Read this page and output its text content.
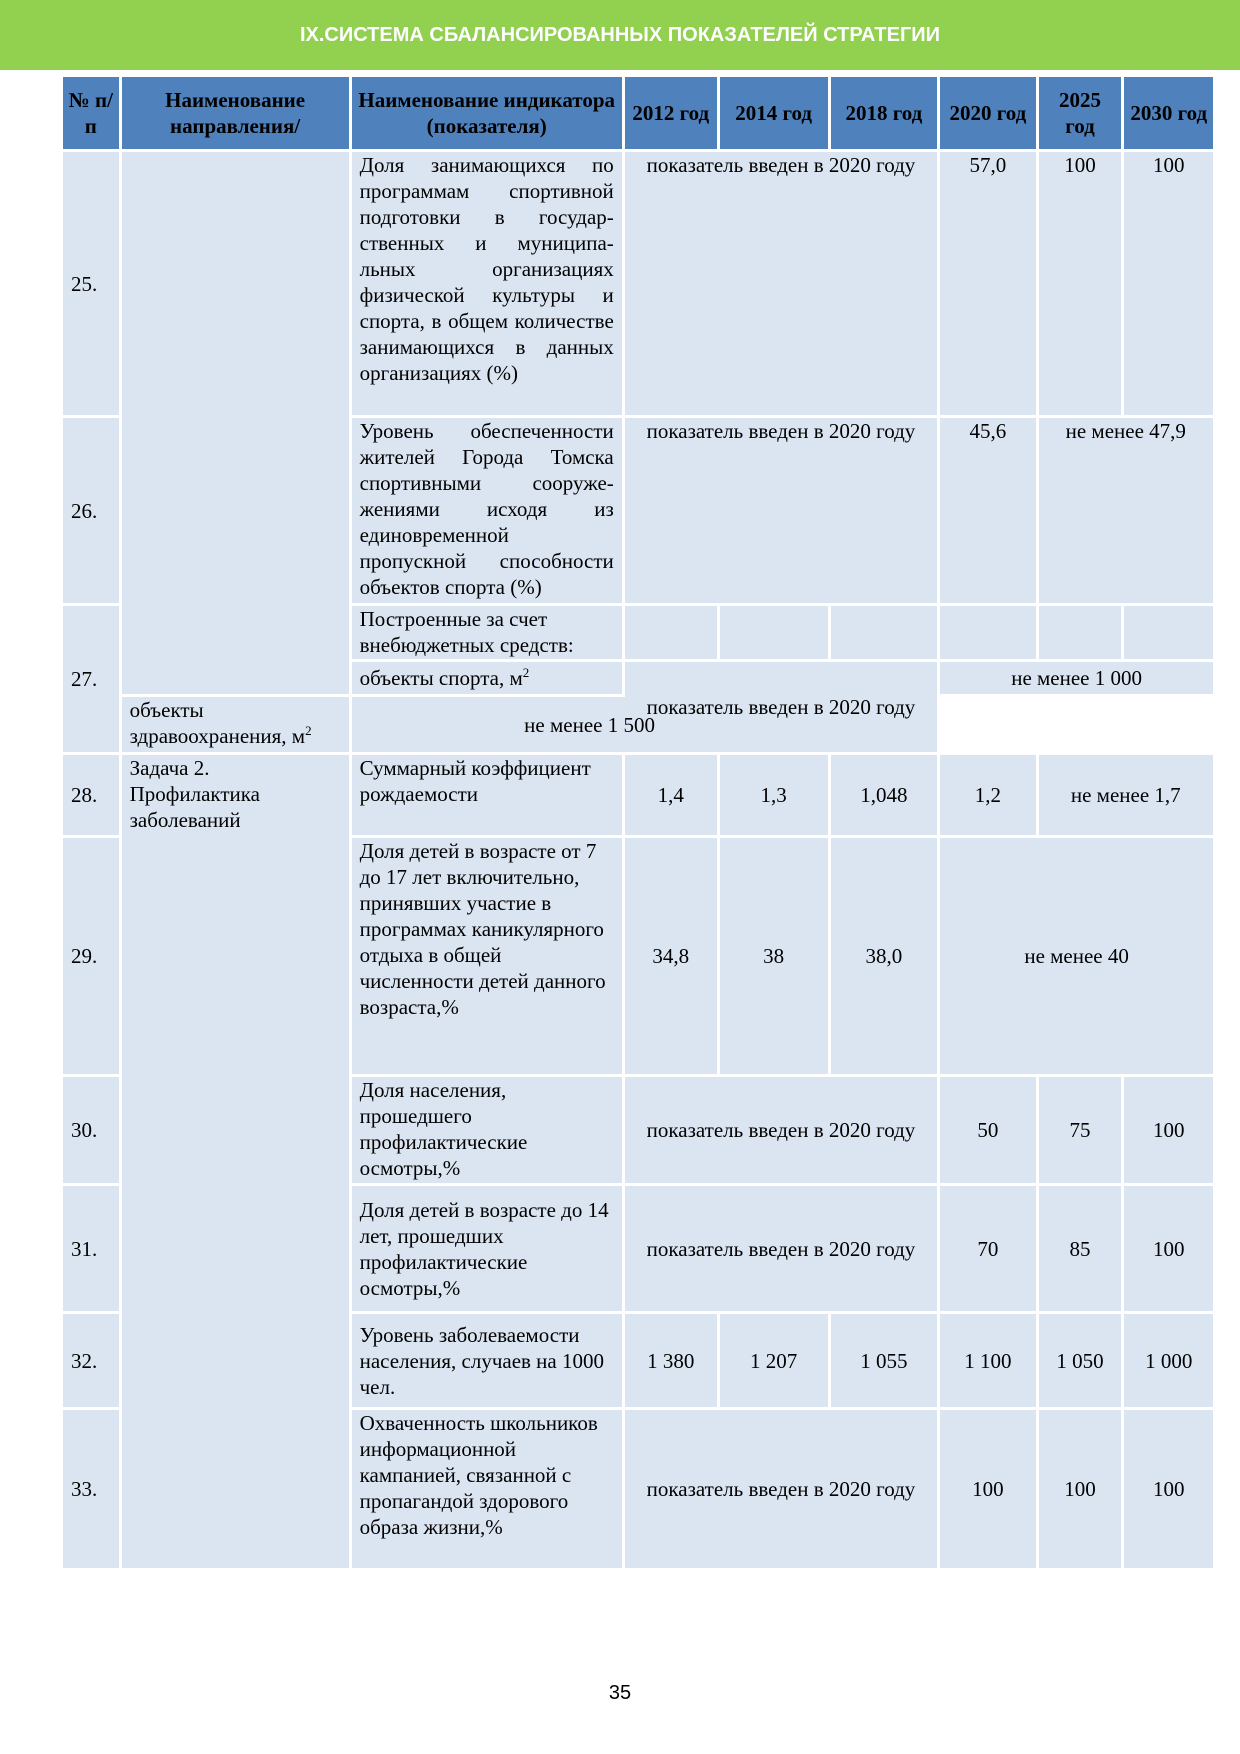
IX.СИСТЕМА СБАЛАНСИРОВАННЫХ ПОКАЗАТЕЛЕЙ СТРАТЕГИИ
№ п/п	Наименование направления/	Наименование индикатора (показателя)	2012 год	2014 год	2018 год	2020 год	2025 год	2030 год
25.		Доля занимающихся по программам спортивной подготовки в государ-ственных и муниципа-льных организациях физической культуры и спорта, в общем количестве занимающихся в данных организациях (%)	показатель введен в 2020 году			57,0	100	100
26.		Уровень обеспеченности жителей Города Томска спортивными сооруже-жениями исходя из единовременной пропускной способности объектов спорта (%)	показатель введен в 2020 году			45,6	не менее 47,9	
27.		Построенные за счет внебюджетных средств:						
		объекты спорта, $м^2$	показатель введен в 2020 году			не менее 1 000		
	объекты здравоохранения, $м^2$	не менее 1 500						
28.	Задача 2. Профилактика заболеваний	Суммарный коэффициент рождаемости	1,4	1,3	1,048	1,2	не менее 1,7	
29.		Доля детей в возрасте от 7 до 17 лет включительно, принявших участие в программах каникулярного отдыха в общей численности детей данного возраста,%	34,8	38	38,0	не менее 40		
30.		Доля населения, прошедшего профилактические осмотры,%	показатель введен в 2020 году			50	75	100
31.		Доля детей в возрасте до 14 лет, прошедших профилактические осмотры,%	показатель введен в 2020 году			70	85	100
32.		Уровень заболеваемости населения, случаев на 1000 чел.	1 380	1 207	1 055	1 100	1 050	1 000
33.		Охваченность школьников информационной кампанией, связанной с пропагандой здорового образа жизни,%	показатель введен в 2020 году			100	100	100
35
